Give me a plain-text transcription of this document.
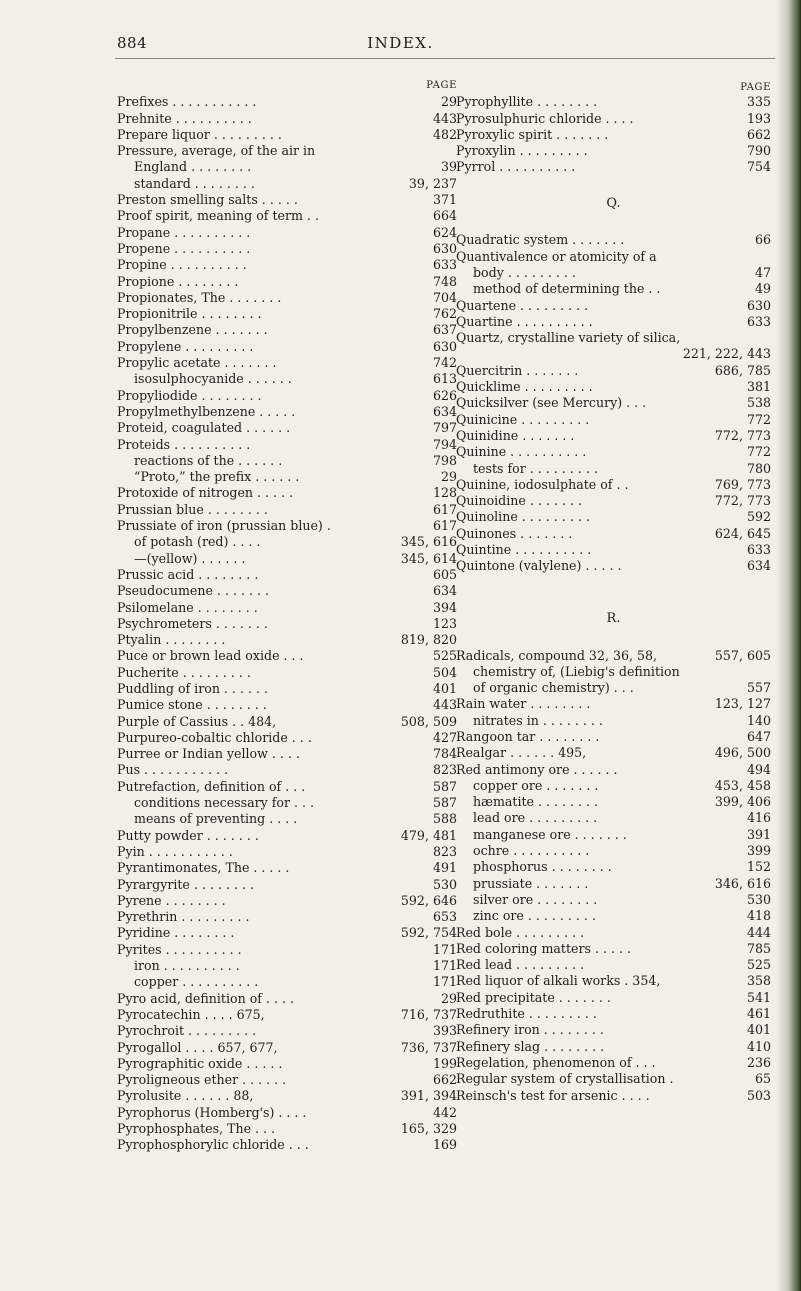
884	INDEX.
PAGE
Prefixes . . . . . . . . . . .	29
Prehnite . . . . . . . . . .	443
Prepare liquor . . . . . . . . .	482
Pressure, average, of the air in
England . . . . . . . .	39
standard . . . . . . . .	39, 237
Preston smelling salts . . . . .	371
Proof spirit, meaning of term . .	664
Propane . . . . . . . . . .	624
Propene . . . . . . . . . .	630
Propine . . . . . . . . . .	633
Propione . . . . . . . .	748
Propionates, The . . . . . . .	704
Propionitrile . . . . . . . .	762
Propylbenzene . . . . . . .	637
Propylene . . . . . . . . .	630
Propylic acetate . . . . . . .	742
isosulphocyanide . . . . . .	613
Propyliodide . . . . . . . .	626
Propylmethylbenzene . . . . .	634
Proteid, coagulated . . . . . .	797
Proteids . . . . . . . . . .	794
reactions of the . . . . . .	798
“Proto,” the prefix . . . . . .	29
Protoxide of nitrogen . . . . .	128
Prussian blue . . . . . . . .	617
Prussiate of iron (prussian blue) .	617
of potash (red) . . . .	345, 616
—(yellow) . . . . . .	345, 614
Prussic acid . . . . . . . .	605
Pseudocumene . . . . . . .	634
Psilomelane . . . . . . . .	394
Psychrometers . . . . . . .	123
Ptyalin . . . . . . . .	819, 820
Puce or brown lead oxide . . .	525
Pucherite . . . . . . . . .	504
Puddling of iron . . . . . .	401
Pumice stone . . . . . . . .	443
Purple of Cassius . . 484,	508, 509
Purpureo-cobaltic chloride . . .	427
Purree or Indian yellow . . . .	784
Pus . . . . . . . . . . .	823
Putrefaction, definition of . . .	587
conditions necessary for . . .	587
means of preventing . . . .	588
Putty powder . . . . . . .	479, 481
Pyin . . . . . . . . . . .	823
Pyrantimonates, The . . . . .	491
Pyrargyrite . . . . . . . .	530
Pyrene . . . . . . . .	592, 646
Pyrethrin . . . . . . . . .	653
Pyridine . . . . . . . .	592, 754
Pyrites . . . . . . . . . .	171
iron . . . . . . . . . .	171
copper . . . . . . . . . .	171
Pyro acid, definition of . . . .	29
Pyrocatechin . . . . 675,	716, 737
Pyrochroit . . . . . . . . .	393
Pyrogallol . . . . 657, 677,	736, 737
Pyrographitic oxide . . . . .	199
Pyroligneous ether . . . . . .	662
Pyrolusite . . . . . . 88,	391, 394
Pyrophorus (Homberg's) . . . .	442
Pyrophosphates, The . . .	165, 329
Pyrophosphorylic chloride . . .	169
PAGE
Pyrophyllite . . . . . . . .	335
Pyrosulphuric chloride . . . .	193
Pyroxylic spirit . . . . . . .	662
Pyroxylin . . . . . . . . .	790
Pyrrol . . . . . . . . . .	754
Q.
Quadratic system . . . . . . .	66
Quantivalence or atomicity of a
body . . . . . . . . .	47
method of determining the . .	49
Quartene . . . . . . . . .	630
Quartine . . . . . . . . . .	633
Quartz, crystalline variety of silica,
221, 222, 443
Quercitrin . . . . . . .	686, 785
Quicklime . . . . . . . . .	381
Quicksilver (see Mercury) . . .	538
Quinicine . . . . . . . . .	772
Quinidine . . . . . . .	772, 773
Quinine . . . . . . . . . .	772
tests for . . . . . . . . .	780
Quinine, iodosulphate of . .	769, 773
Quinoidine . . . . . . .	772, 773
Quinoline . . . . . . . . .	592
Quinones . . . . . . .	624, 645
Quintine . . . . . . . . . .	633
Quintone (valylene) . . . . .	634
R.
Radicals, compound 32, 36, 58,	557, 605
chemistry of, (Liebig's definition
of organic chemistry) . . .	557
Rain water . . . . . . . .	123, 127
nitrates in . . . . . . . .	140
Rangoon tar . . . . . . . .	647
Realgar . . . . . . 495,	496, 500
Red antimony ore . . . . . .	494
copper ore . . . . . . .	453, 458
hæmatite . . . . . . . .	399, 406
lead ore . . . . . . . . .	416
manganese ore . . . . . . .	391
ochre . . . . . . . . . .	399
phosphorus . . . . . . . .	152
prussiate . . . . . . .	346, 616
silver ore . . . . . . . .	530
zinc ore . . . . . . . . .	418
Red bole . . . . . . . . .	444
Red coloring matters . . . . .	785
Red lead . . . . . . . . .	525
Red liquor of alkali works . 354,	358
Red precipitate . . . . . . .	541
Redruthite . . . . . . . . .	461
Refinery iron . . . . . . . .	401
Refinery slag . . . . . . . .	410
Regelation, phenomenon of . . .	236
Regular system of crystallisation .	65
Reinsch's test for arsenic . . . .	503
